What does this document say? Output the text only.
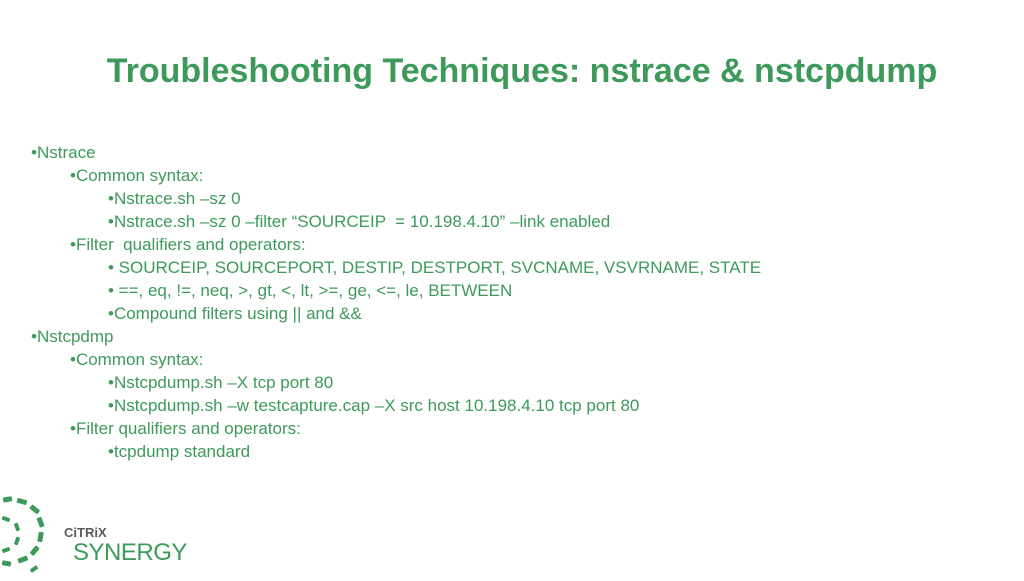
Troubleshooting Techniques: nstrace & nstcpdump
•Nstrace
•Common syntax:
•Nstrace.sh –sz 0
•Nstrace.sh –sz 0 –filter “SOURCEIP  = 10.198.4.10” –link enabled
•Filter  qualifiers and operators:
• SOURCEIP, SOURCEPORT, DESTIP, DESTPORT, SVCNAME, VSVRNAME, STATE
• ==, eq, !=, neq, >, gt, <, lt, >=, ge, <=, le, BETWEEN
•Compound filters using || and &&
•Nstcpdmp
•Common syntax:
•Nstcpdump.sh –X tcp port 80
•Nstcpdump.sh –w testcapture.cap –X src host 10.198.4.10 tcp port 80
•Filter qualifiers and operators:
•tcpdump standard
CiTRiX
SYNERGY
